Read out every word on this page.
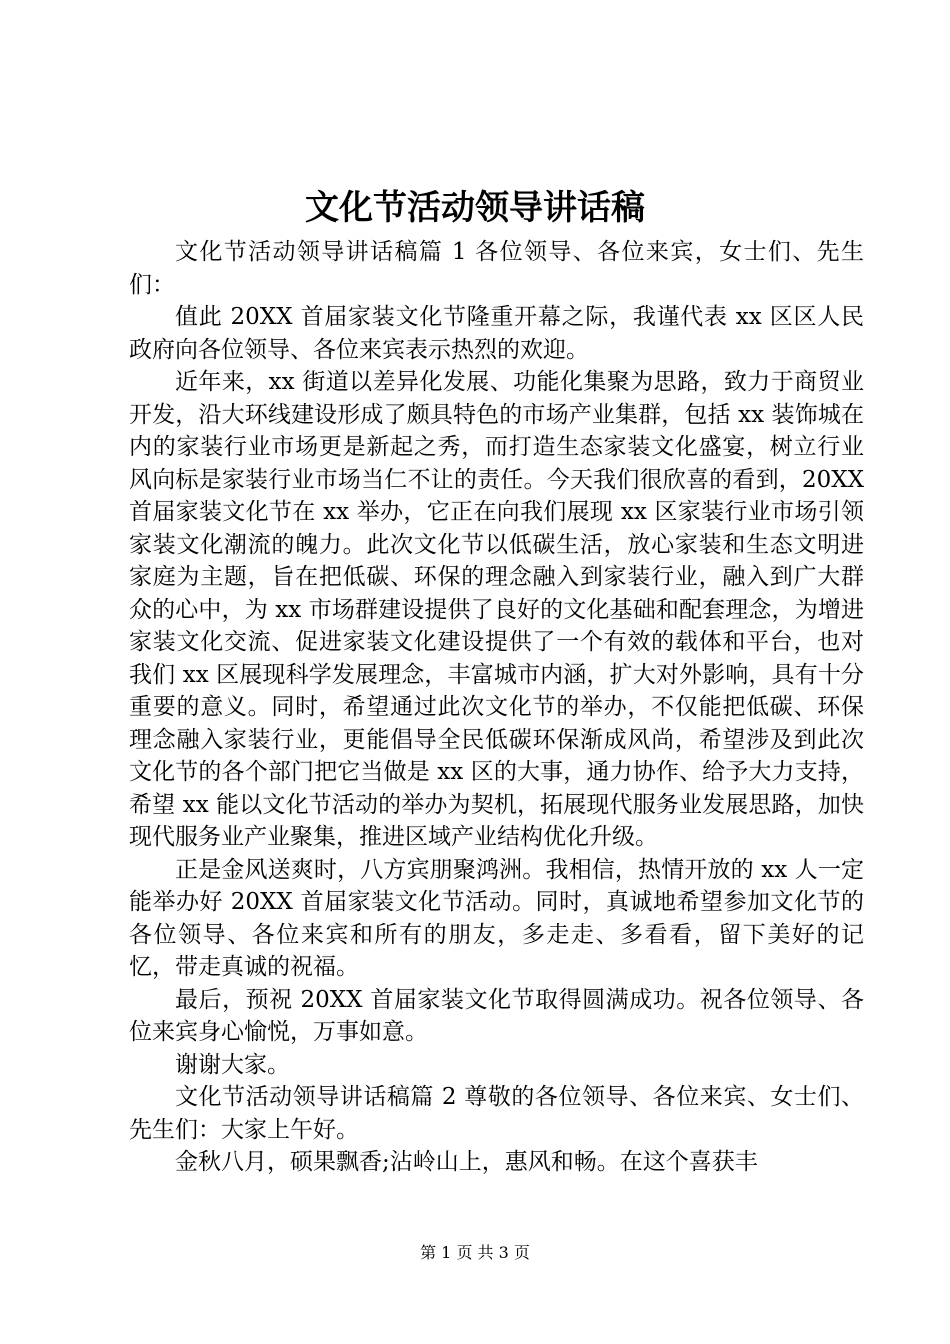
文化节活动领导讲话稿

文化节活动领导讲话稿篇 1 各位领导、各位来宾，女士们、先生们：

值此 20XX 首届家装文化节隆重开幕之际，我谨代表 xx 区区人民政府向各位领导、各位来宾表示热烈的欢迎。

近年来，xx 街道以差异化发展、功能化集聚为思路，致力于商贸业开发，沿大环线建设形成了颇具特色的市场产业集群，包括 xx 装饰城在内的家装行业市场更是新起之秀，而打造生态家装文化盛宴，树立行业风向标是家装行业市场当仁不让的责任。今天我们很欣喜的看到，20XX 首届家装文化节在 xx 举办，它正在向我们展现 xx 区家装行业市场引领家装文化潮流的魄力。此次文化节以低碳生活，放心家装和生态文明进家庭为主题，旨在把低碳、环保的理念融入到家装行业，融入到广大群众的心中，为 xx 市场群建设提供了良好的文化基础和配套理念，为增进家装文化交流、促进家装文化建设提供了一个有效的载体和平台，也对我们 xx 区展现科学发展理念，丰富城市内涵，扩大对外影响，具有十分重要的意义。同时，希望通过此次文化节的举办，不仅能把低碳、环保理念融入家装行业，更能倡导全民低碳环保渐成风尚，希望涉及到此次文化节的各个部门把它当做是 xx 区的大事，通力协作、给予大力支持，希望 xx 能以文化节活动的举办为契机，拓展现代服务业发展思路，加快现代服务业产业聚集，推进区域产业结构优化升级。

正是金风送爽时，八方宾朋聚鸿洲。我相信，热情开放的 xx 人一定能举办好 20XX 首届家装文化节活动。同时，真诚地希望参加文化节的各位领导、各位来宾和所有的朋友，多走走、多看看，留下美好的记忆，带走真诚的祝福。

最后，预祝 20XX 首届家装文化节取得圆满成功。祝各位领导、各位来宾身心愉悦，万事如意。

谢谢大家。

文化节活动领导讲话稿篇 2 尊敬的各位领导、各位来宾、女士们、先生们：大家上午好。

金秋八月，硕果飘香;沾岭山上，惠风和畅。在这个喜获丰

第 1 页 共 3 页
